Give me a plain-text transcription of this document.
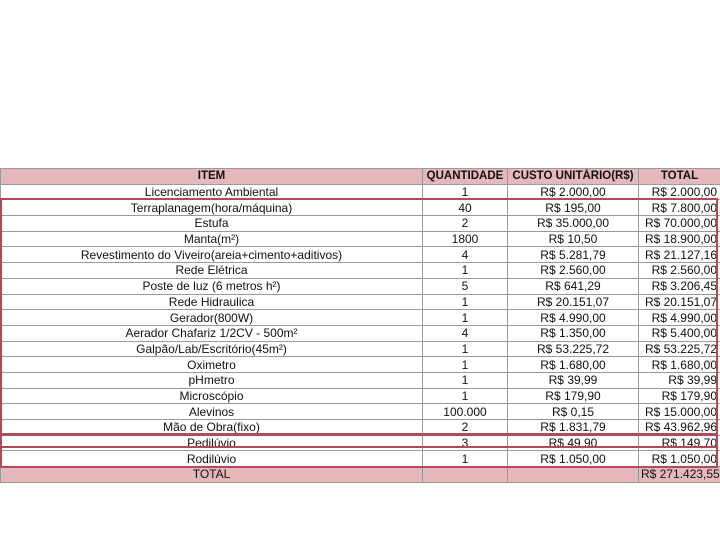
ITEM	QUANTIDADE	CUSTO UNITÁRIO(R$)	TOTAL
Licenciamento Ambiental	1	R$ 2.000,00	R$ 2.000,00
Terraplanagem(hora/máquina)	40	R$ 195,00	R$ 7.800,00
Estufa	2	R$ 35.000,00	R$ 70.000,00
Manta(m²)	1800	R$ 10,50	R$ 18.900,00
Revestimento do Viveiro(areia+cimento+aditivos)	4	R$ 5.281,79	R$ 21.127,16
Rede Elétrica	1	R$ 2.560,00	R$ 2.560,00
Poste de luz (6 metros h²)	5	R$ 641,29	R$ 3.206,45
Rede Hidraulica	1	R$ 20.151,07	R$ 20.151,07
Gerador(800W)	1	R$ 4.990,00	R$ 4.990,00
Aerador Chafariz 1/2CV - 500m²	4	R$ 1.350,00	R$ 5.400,00
Galpão/Lab/Escritório(45m²)	1	R$ 53.225,72	R$ 53.225,72
Oximetro	1	R$ 1.680,00	R$ 1.680,00
pHmetro	1	R$ 39,99	R$ 39,99
Microscópio	1	R$ 179,90	R$ 179,90
Alevinos	100.000	R$ 0,15	R$ 15.000,00
Mão de Obra(fixo)	2	R$ 1.831,79	R$ 43.962,96
Pedilúvio	3	R$ 49,90	R$ 149,70
Rodilúvio	1	R$ 1.050,00	R$ 1.050,00
TOTAL			R$ 271.423,55
